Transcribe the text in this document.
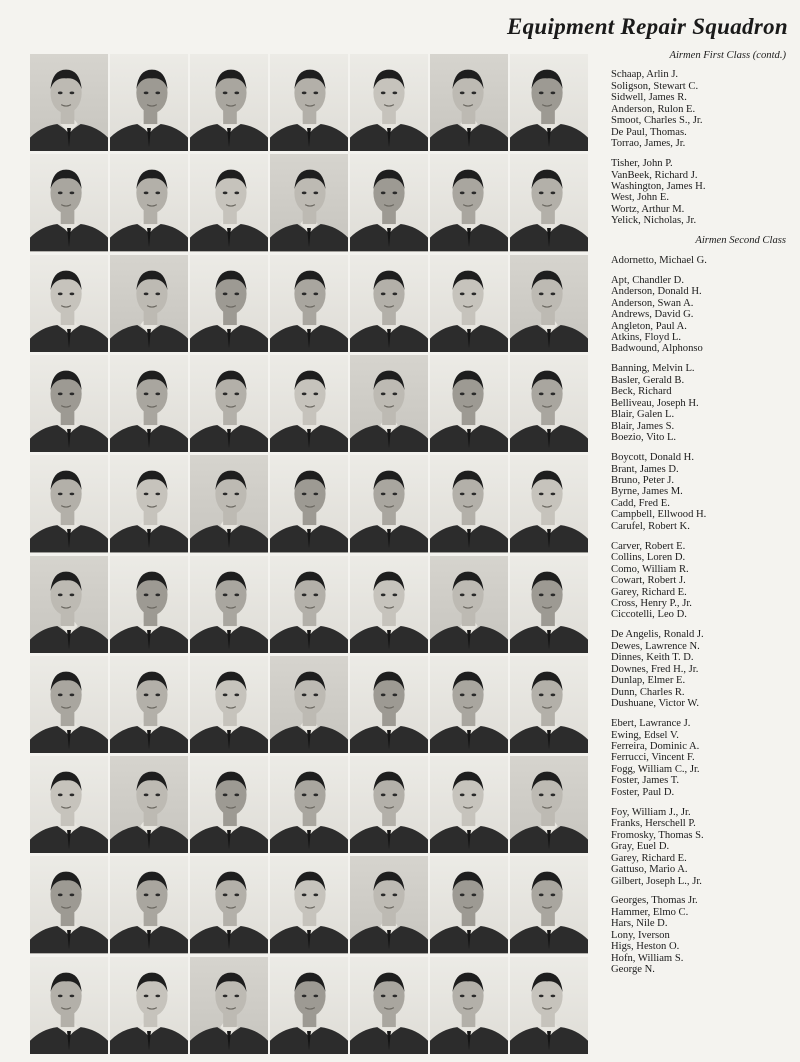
Equipment Repair Squadron
Airmen First Class (contd.)
Schaap, Arlin J.
Soligson, Stewart C.
Sidwell, James R.
Anderson, Rulon E.
Smoot, Charles S., Jr.
De Paul, Thomas.
Torrao, James, Jr.
Tisher, John P.
VanBeek, Richard J.
Washington, James H.
West, John E.
Wortz, Arthur M.
Yelick, Nicholas, Jr.
Airmen Second Class
Adornetto, Michael G.
Apt, Chandler D.
Anderson, Donald H.
Anderson, Swan A.
Andrews, David G.
Angleton, Paul A.
Atkins, Floyd L.
Badwound, Alphonso
Banning, Melvin L.
Basler, Gerald B.
Beck, Richard
Belliveau, Joseph H.
Blair, Galen L.
Blair, James S.
Boezio, Vito L.
Boycott, Donald H.
Brant, James D.
Bruno, Peter J.
Byrne, James M.
Cadd, Fred E.
Campbell, Ellwood H.
Carufel, Robert K.
Carver, Robert E.
Collins, Loren D.
Como, William R.
Cowart, Robert J.
Garey, Richard E.
Cross, Henry P., Jr.
Ciccotelli, Leo D.
De Angelis, Ronald J.
Dewes, Lawrence N.
Dinnes, Keith T. D.
Downes, Fred H., Jr.
Dunlap, Elmer E.
Dunn, Charles R.
Dushuane, Victor W.
Ebert, Lawrance J.
Ewing, Edsel V.
Ferreira, Dominic A.
Ferrucci, Vincent F.
Fogg, William C., Jr.
Foster, James T.
Foster, Paul D.
Foy, William J., Jr.
Franks, Herschell P.
Fromosky, Thomas S.
Gray, Euel D.
Garey, Richard E.
Gattuso, Mario A.
Gilbert, Joseph L., Jr.
Georges, Thomas Jr.
Hammer, Elmo C.
Hars, Nile D.
Lony, Iverson
Higs, Heston O.
Hofn, William S.
George N.
